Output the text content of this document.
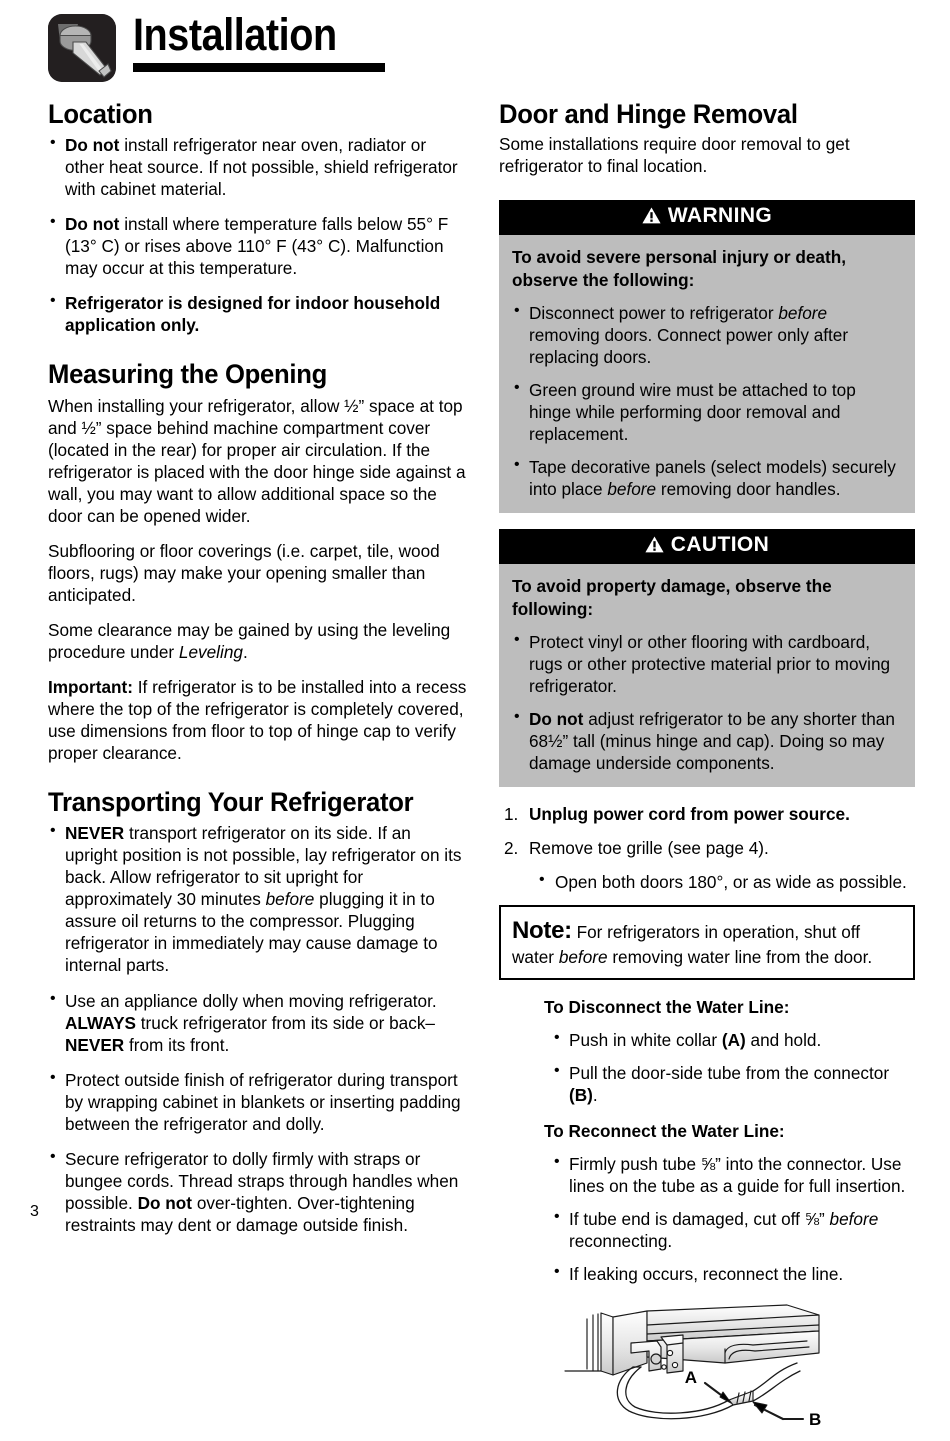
Installation
Location
• Do not install refrigerator near oven, radiator or other heat source. If not possible, shield refrigerator with cabinet material.
• Do not install where temperature falls below 55° F (13° C) or rises above 110° F (43° C). Malfunction may occur at this temperature.
• Refrigerator is designed for indoor household application only.
Measuring the Opening

When installing your refrigerator, allow ½” space at top and ½” space behind machine compartment cover (located in the rear) for proper air circulation. If the refrigerator is placed with the door hinge side against a wall, you may want to allow additional space so the door can be opened wider.

Subflooring or floor coverings (i.e. carpet, tile, wood floors, rugs) may make your opening smaller than anticipated.

Some clearance may be gained by using the leveling procedure under Leveling.

Important: If refrigerator is to be installed into a recess where the top of the refrigerator is completely covered, use dimensions from floor to top of hinge cap to verify proper clearance.

Transporting Your Refrigerator
• NEVER transport refrigerator on its side. If an upright position is not possible, lay refrigerator on its back. Allow refrigerator to sit upright for approximately 30 minutes before plugging it in to assure oil returns to the compressor. Plugging refrigerator in immediately may cause damage to internal parts.
• Use an appliance dolly when moving refrigerator. ALWAYS truck refrigerator from its side or back–NEVER from its front.
• Protect outside finish of refrigerator during transport by wrapping cabinet in blankets or inserting padding between the refrigerator and dolly.
• Secure refrigerator to dolly firmly with straps or bungee cords. Thread straps through handles when possible. Do not over-tighten. Over-tightening restraints may dent or damage outside finish.
Door and Hinge Removal

Some installations require door removal to get refrigerator to final location.

WARNING

To avoid severe personal injury or death, observe the following:

• Disconnect power to refrigerator before removing doors. Connect power only after replacing doors.
• Green ground wire must be attached to top hinge while performing door removal and replacement.
• Tape decorative panels (select models) securely into place before removing door handles.
CAUTION

To avoid property damage, observe the following:

• Protect vinyl or other flooring with cardboard, rugs or other protective material prior to moving refrigerator.
• Do not adjust refrigerator to be any shorter than 68½” tall (minus hinge and cap). Doing so may damage underside components.
1. Unplug power cord from power source.
2. Remove toe grille (see page 4).
• Open both doors 180°, or as wide as possible.
Note: For refrigerators in operation, shut off water before removing water line from the door.
To Disconnect the Water Line:
• Push in white collar (A) and hold.
• Pull the door-side tube from the connector (B).
To Reconnect the Water Line:
• Firmly push tube ⅝” into the connector. Use lines on the tube as a guide for full insertion.
• If tube end is damaged, cut off ⅝” before reconnecting.
• If leaking occurs, reconnect the line.
A
B
3
